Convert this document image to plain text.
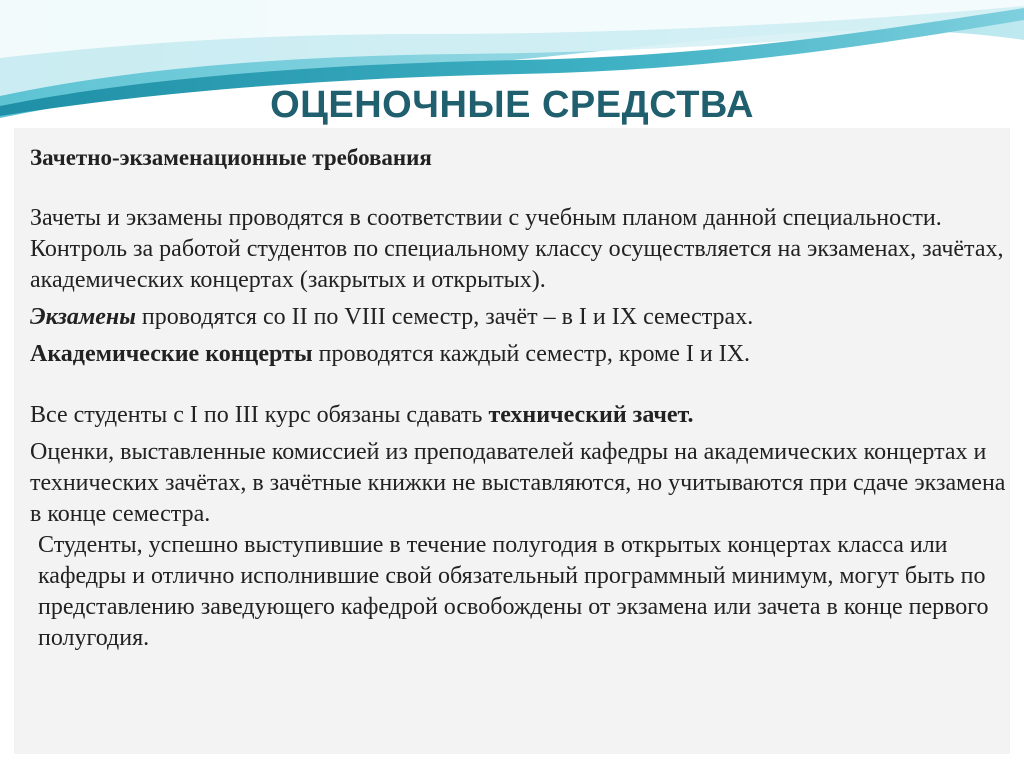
ОЦЕНОЧНЫЕ СРЕДСТВА

Зачетно-экзаменационные требования

Зачеты и экзамены проводятся в соответствии с учебным планом данной специальности.

Контроль за работой студентов по специальному классу осуществляется на экзаменах, зачётах, академических концертах (закрытых и открытых).

Экзамены проводятся со II по VIII семестр, зачёт – в I и IX семестрах.

Академические концерты проводятся каждый семестр, кроме I и IX.

Все студенты с I по III курс обязаны сдавать технический зачет.

Оценки, выставленные комиссией из преподавателей кафедры на академических концертах и технических зачётах, в зачётные книжки не выставляются, но учитываются при сдаче экзамена в конце семестра.

Студенты, успешно выступившие в течение полугодия в открытых концертах класса или кафедры и отлично исполнившие свой обязательный программный минимум, могут быть по представлению заведующего кафедрой освобождены от экзамена или зачета в конце первого полугодия.
